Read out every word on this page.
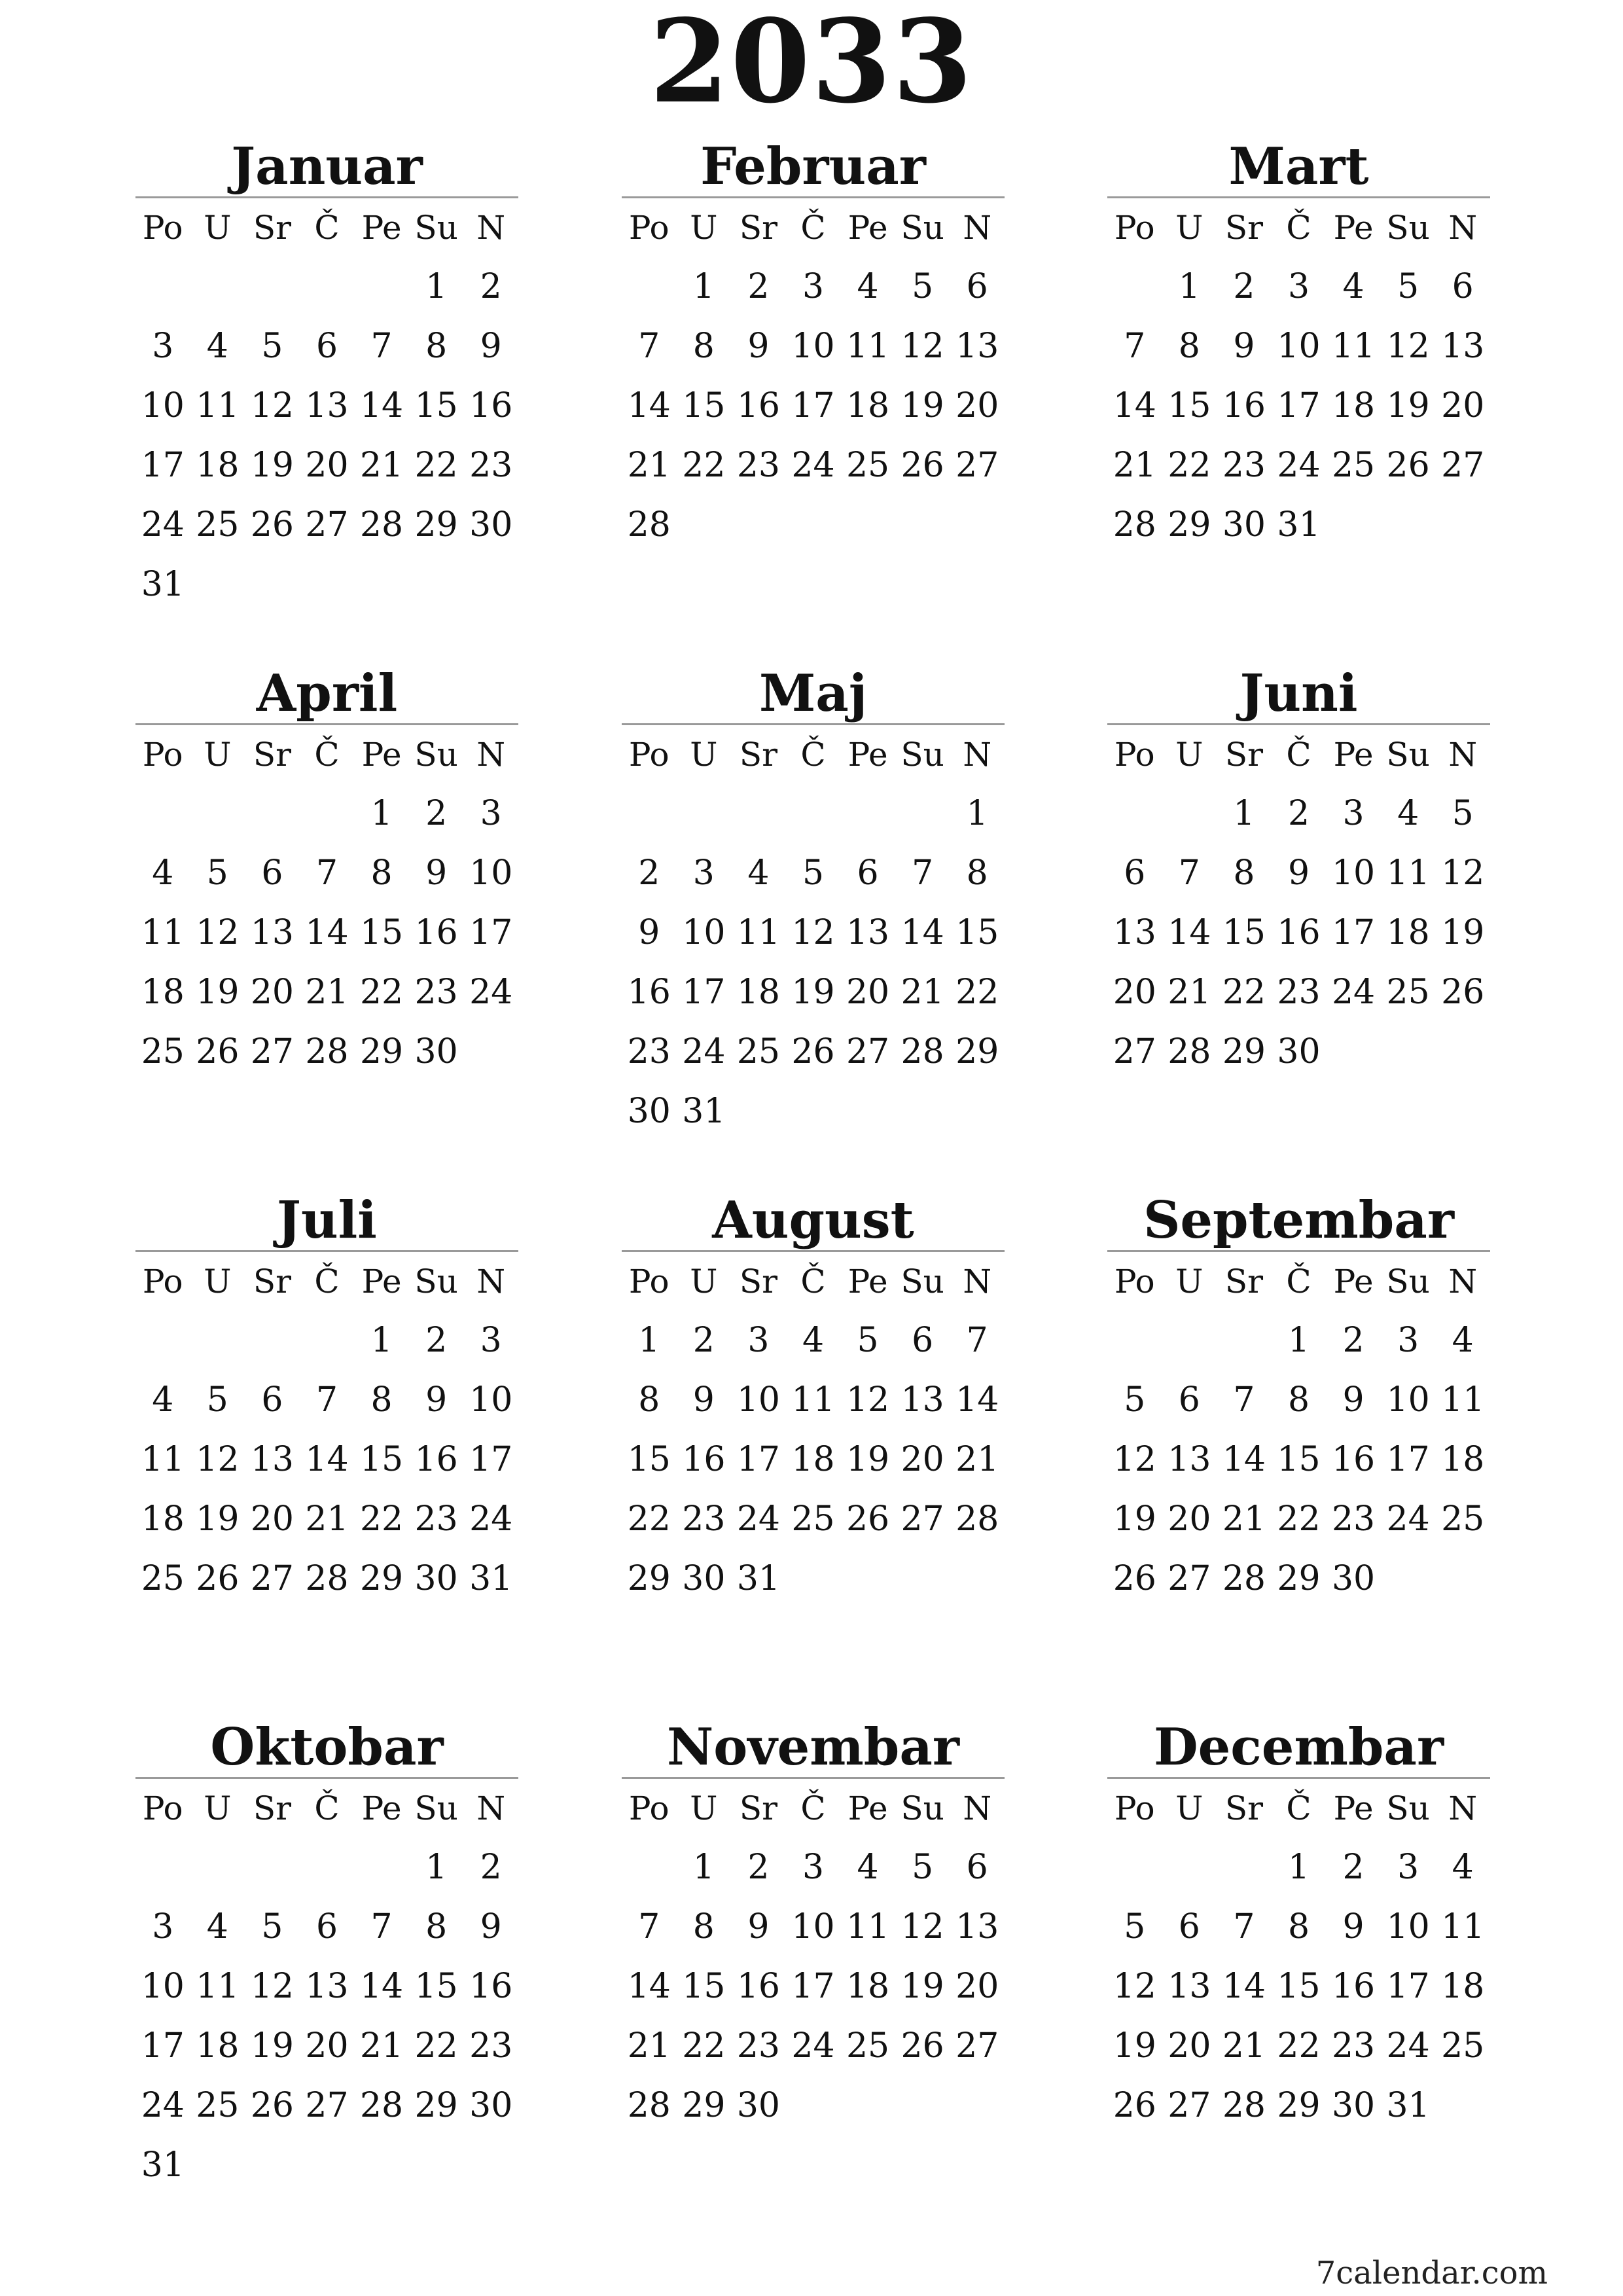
2033
Januar
Po U Sr Č Pe Su N
1 2
3 4 5 6 7 8 9
10 11 12 13 14 15 16
17 18 19 20 21 22 23
24 25 26 27 28 29 30
31
Februar
Po U Sr Č Pe Su N
1 2 3 4 5 6
7 8 9 10 11 12 13
14 15 16 17 18 19 20
21 22 23 24 25 26 27
28
Mart
Po U Sr Č Pe Su N
1 2 3 4 5 6
7 8 9 10 11 12 13
14 15 16 17 18 19 20
21 22 23 24 25 26 27
28 29 30 31
April
Po U Sr Č Pe Su N
1 2 3
4 5 6 7 8 9 10
11 12 13 14 15 16 17
18 19 20 21 22 23 24
25 26 27 28 29 30
Maj
Po U Sr Č Pe Su N
1
2 3 4 5 6 7 8
9 10 11 12 13 14 15
16 17 18 19 20 21 22
23 24 25 26 27 28 29
30 31
Juni
Po U Sr Č Pe Su N
1 2 3 4 5
6 7 8 9 10 11 12
13 14 15 16 17 18 19
20 21 22 23 24 25 26
27 28 29 30
Juli
Po U Sr Č Pe Su N
1 2 3
4 5 6 7 8 9 10
11 12 13 14 15 16 17
18 19 20 21 22 23 24
25 26 27 28 29 30 31
August
Po U Sr Č Pe Su N
1 2 3 4 5 6 7
8 9 10 11 12 13 14
15 16 17 18 19 20 21
22 23 24 25 26 27 28
29 30 31
Septembar
Po U Sr Č Pe Su N
1 2 3 4
5 6 7 8 9 10 11
12 13 14 15 16 17 18
19 20 21 22 23 24 25
26 27 28 29 30
Oktobar
Po U Sr Č Pe Su N
1 2
3 4 5 6 7 8 9
10 11 12 13 14 15 16
17 18 19 20 21 22 23
24 25 26 27 28 29 30
31
Novembar
Po U Sr Č Pe Su N
1 2 3 4 5 6
7 8 9 10 11 12 13
14 15 16 17 18 19 20
21 22 23 24 25 26 27
28 29 30
Decembar
Po U Sr Č Pe Su N
1 2 3 4
5 6 7 8 9 10 11
12 13 14 15 16 17 18
19 20 21 22 23 24 25
26 27 28 29 30 31
7calendar.com
